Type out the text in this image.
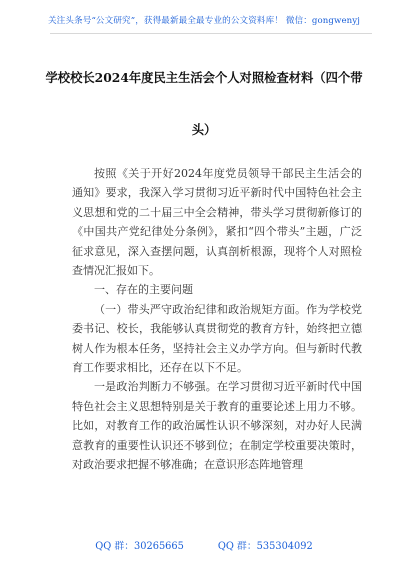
关注头条号“公文研究”，获得最新最全最专业的公文资料库！ 微信：gongwenyj
学校校长2024年度民主生活会个人对照检查材料（四个带
头）

按照《关于开好2024年度党员领导干部民主生活会的通知》要求，我深入学习贯彻习近平新时代中国特色社会主义思想和党的二十届三中全会精神，带头学习贯彻新修订的《中国共产党纪律处分条例》，紧扣“四个带头”主题，广泛征求意见，深入查摆问题，认真剖析根源，现将个人对照检查情况汇报如下。

一、存在的主要问题

（一）带头严守政治纪律和政治规矩方面。作为学校党委书记、校长，我能够认真贯彻党的教育方针，始终把立德树人作为根本任务，坚持社会主义办学方向。但与新时代教育工作要求相比，还存在以下不足。

一是政治判断力不够强。在学习贯彻习近平新时代中国特色社会主义思想特别是关于教育的重要论述上用力不够。比如，对教育工作的政治属性认识不够深刻，对办好人民满意教育的重要性认识还不够到位；在制定学校重要决策时，对政治要求把握不够准确；在意识形态阵地管理

QQ 群：30265665	QQ 群：535304092
